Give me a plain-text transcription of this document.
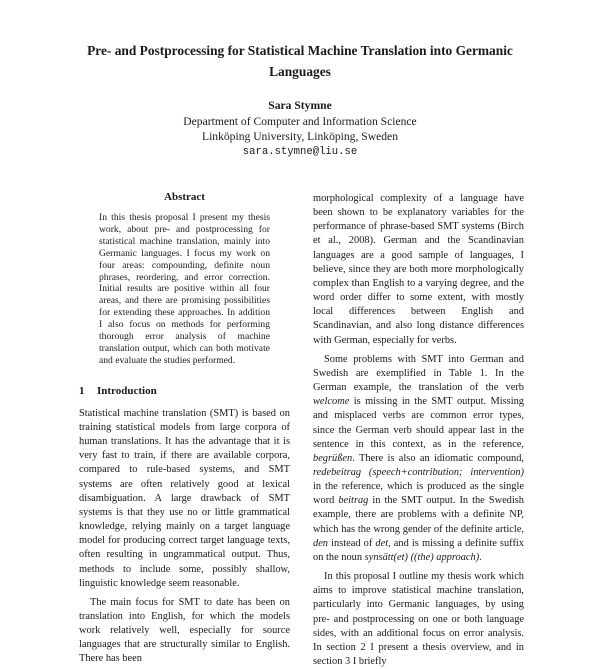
Pre- and Postprocessing for Statistical Machine Translation into Germanic Languages
Sara Stymne
Department of Computer and Information Science
Linköping University, Linköping, Sweden
sara.stymne@liu.se
Abstract
In this thesis proposal I present my thesis work, about pre- and postprocessing for statistical machine translation, mainly into Germanic languages. I focus my work on four areas: compounding, definite noun phrases, reordering, and error correction. Initial results are positive within all four areas, and there are promising possibilities for extending these approaches. In addition I also focus on methods for performing thorough error analysis of machine translation output, which can both motivate and evaluate the studies performed.
1 Introduction

Statistical machine translation (SMT) is based on training statistical models from large corpora of human translations. It has the advantage that it is very fast to train, if there are available corpora, compared to rule-based systems, and SMT systems are often relatively good at lexical disambiguation. A large drawback of SMT systems is that they use no or little grammatical knowledge, relying mainly on a target language model for producing correct target language texts, often resulting in ungrammatical output. Thus, methods to include some, possibly shallow, linguistic knowledge seem reasonable.

The main focus for SMT to date has been on translation into English, for which the models work relatively well, especially for source languages that are structurally similar to English. There has been

morphological complexity of a language have been shown to be explanatory variables for the performance of phrase-based SMT systems (Birch et al., 2008). German and the Scandinavian languages are a good sample of languages, I believe, since they are both more morphologically complex than English to a varying degree, and the word order differ to some extent, with mostly local differences between English and Scandinavian, and also long distance differences with German, especially for verbs.

Some problems with SMT into German and Swedish are exemplified in Table 1. In the German example, the translation of the verb welcome is missing in the SMT output. Missing and misplaced verbs are common error types, since the German verb should appear last in the sentence in this context, as in the reference, begrüßen. There is also an idiomatic compound, redebeitrag (speech+contribution; intervention) in the reference, which is produced as the single word beitrag in the SMT output. In the Swedish example, there are problems with a definite NP, which has the wrong gender of the definite article, den instead of det, and is missing a definite suffix on the noun synsätt(et) ((the) approach).

In this proposal I outline my thesis work which aims to improve statistical machine translation, particularly into Germanic languages, by using pre- and postprocessing on one or both language sides, with an additional focus on error analysis. In section 2 I present a thesis overview, and in section 3 I briefly
